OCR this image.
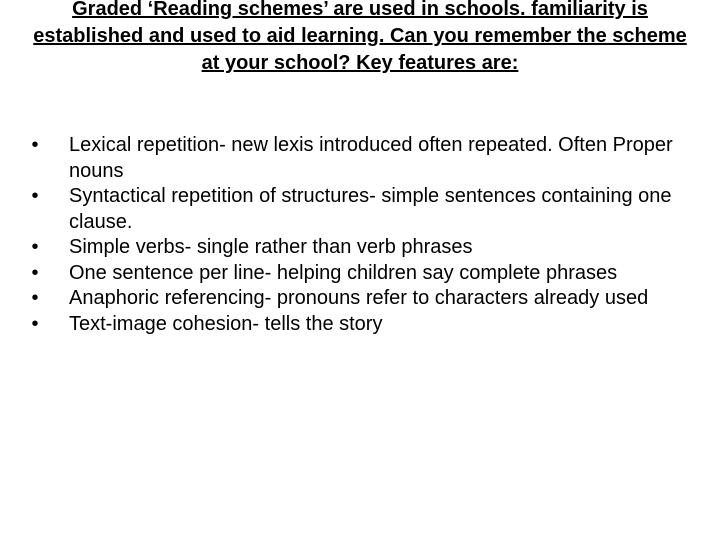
Graded ‘Reading schemes’ are used in schools. familiarity is established and used to aid learning. Can you remember the scheme at your school? Key features are:
• Lexical repetition- new lexis introduced often repeated. Often Proper nouns
• Syntactical repetition of structures- simple sentences containing one clause.
• Simple verbs- single rather than verb phrases
• One sentence per line- helping children say complete phrases
• Anaphoric referencing- pronouns refer to characters already used
• Text-image cohesion- tells the story
